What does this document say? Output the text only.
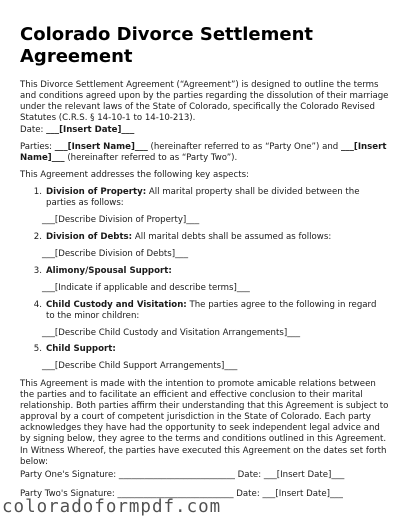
Colorado Divorce Settlement Agreement

This Divorce Settlement Agreement (“Agreement”) is designed to outline the terms and conditions agreed upon by the parties regarding the dissolution of their marriage under the relevant laws of the State of Colorado, specifically the Colorado Revised Statutes (C.R.S. § 14-10-1 to 14-10-213).

Date: ___[Insert Date]___

Parties: ___[Insert Name]___ (hereinafter referred to as “Party One”) and ___[Insert Name]___ (hereinafter referred to as “Party Two”).

This Agreement addresses the following key aspects:

1. Division of Property: All marital property shall be divided between the parties as follows:
___[Describe Division of Property]___
2. Division of Debts: All marital debts shall be assumed as follows:
___[Describe Division of Debts]___
3. Alimony/Spousal Support:
___[Indicate if applicable and describe terms]___
4. Child Custody and Visitation: The parties agree to the following in regard to the minor children:
___[Describe Child Custody and Visitation Arrangements]___
5. Child Support:
___[Describe Child Support Arrangements]___

This Agreement is made with the intention to promote amicable relations between the parties and to facilitate an efficient and effective conclusion to their marital relationship. Both parties affirm their understanding that this Agreement is subject to approval by a court of competent jurisdiction in the State of Colorado. Each party acknowledges they have had the opportunity to seek independent legal advice and by signing below, they agree to the terms and conditions outlined in this Agreement.

In Witness Whereof, the parties have executed this Agreement on the dates set forth below:

Party One's Signature: ___________________________ Date: ___[Insert Date]___

Party Two's Signature: ___________________________ Date: ___[Insert Date]___

coloradoformpdf.com
